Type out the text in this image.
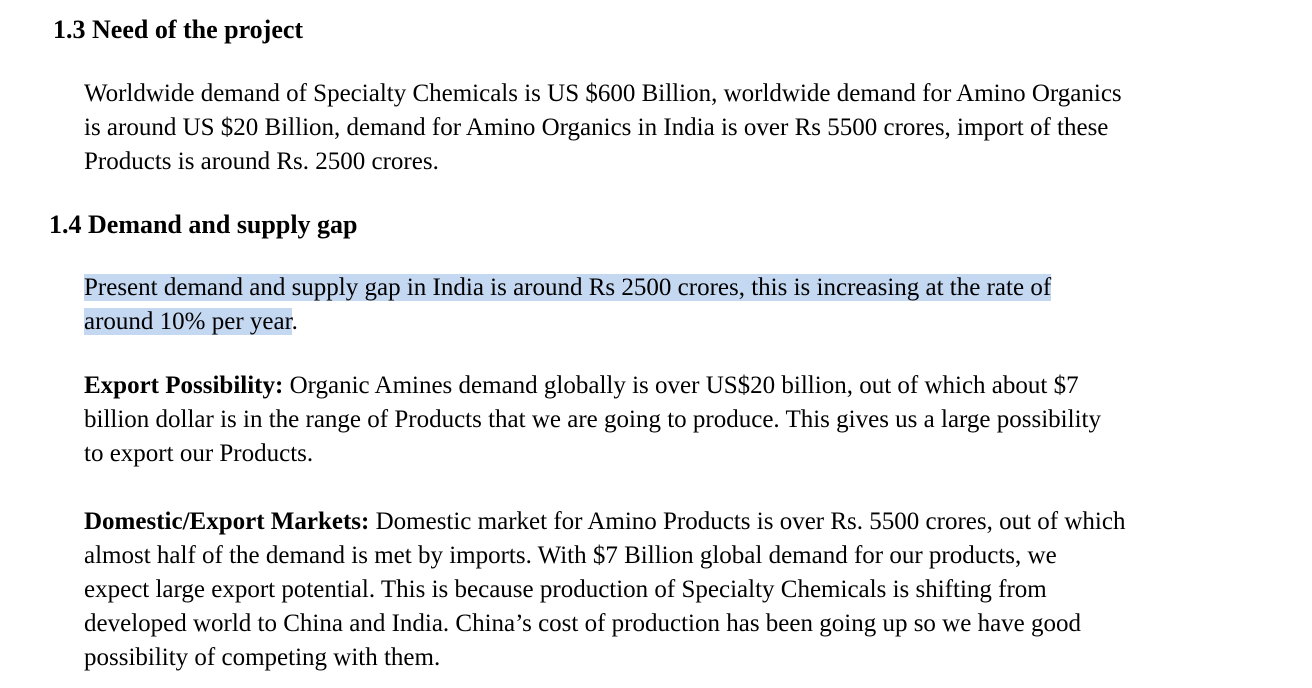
1.3 Need of the project
Worldwide demand of Specialty Chemicals is US $600 Billion, worldwide demand for Amino Organics
is around US $20 Billion, demand for Amino Organics in India is over Rs 5500 crores, import of these
Products is around Rs. 2500 crores.
1.4 Demand and supply gap
Present demand and supply gap in India is around Rs 2500 crores, this is increasing at the rate of
around 10% per year.
Export Possibility: Organic Amines demand globally is over US$20 billion, out of which about $7
billion dollar is in the range of Products that we are going to produce. This gives us a large possibility
to export our Products.
Domestic/Export Markets: Domestic market for Amino Products is over Rs. 5500 crores, out of which
almost half of the demand is met by imports. With $7 Billion global demand for our products, we
expect large export potential. This is because production of Specialty Chemicals is shifting from
developed world to China and India. China’s cost of production has been going up so we have good
possibility of competing with them.
